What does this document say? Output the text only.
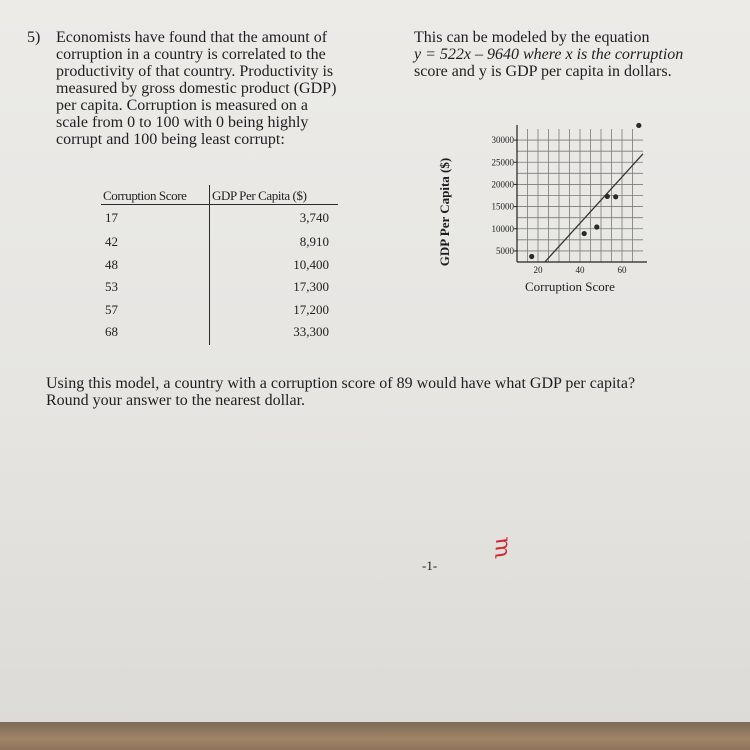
5) Economists have found that the amount of
corruption in a country is correlated to the
productivity of that country. Productivity is
measured by gross domestic product (GDP)
per capita. Corruption is measured on a
scale from 0 to 100 with 0 being highly
corrupt and 100 being least corrupt:
This can be modeled by the equation
y = 522x – 9640 where x is the corruption
score and y is GDP per capita in dollars.
Corruption Score GDP Per Capita ($)
17	3,740
42	8,910
48	10,400
53	17,300
57	17,200
68	33,300
GDP Per Capita ($)
30000
25000
20000
15000
10000
5000
20	40	60
Corruption Score
Using this model, a country with a corruption score of 89 would have what GDP per capita?
Round your answer to the nearest dollar.
ᴟ
-1-
